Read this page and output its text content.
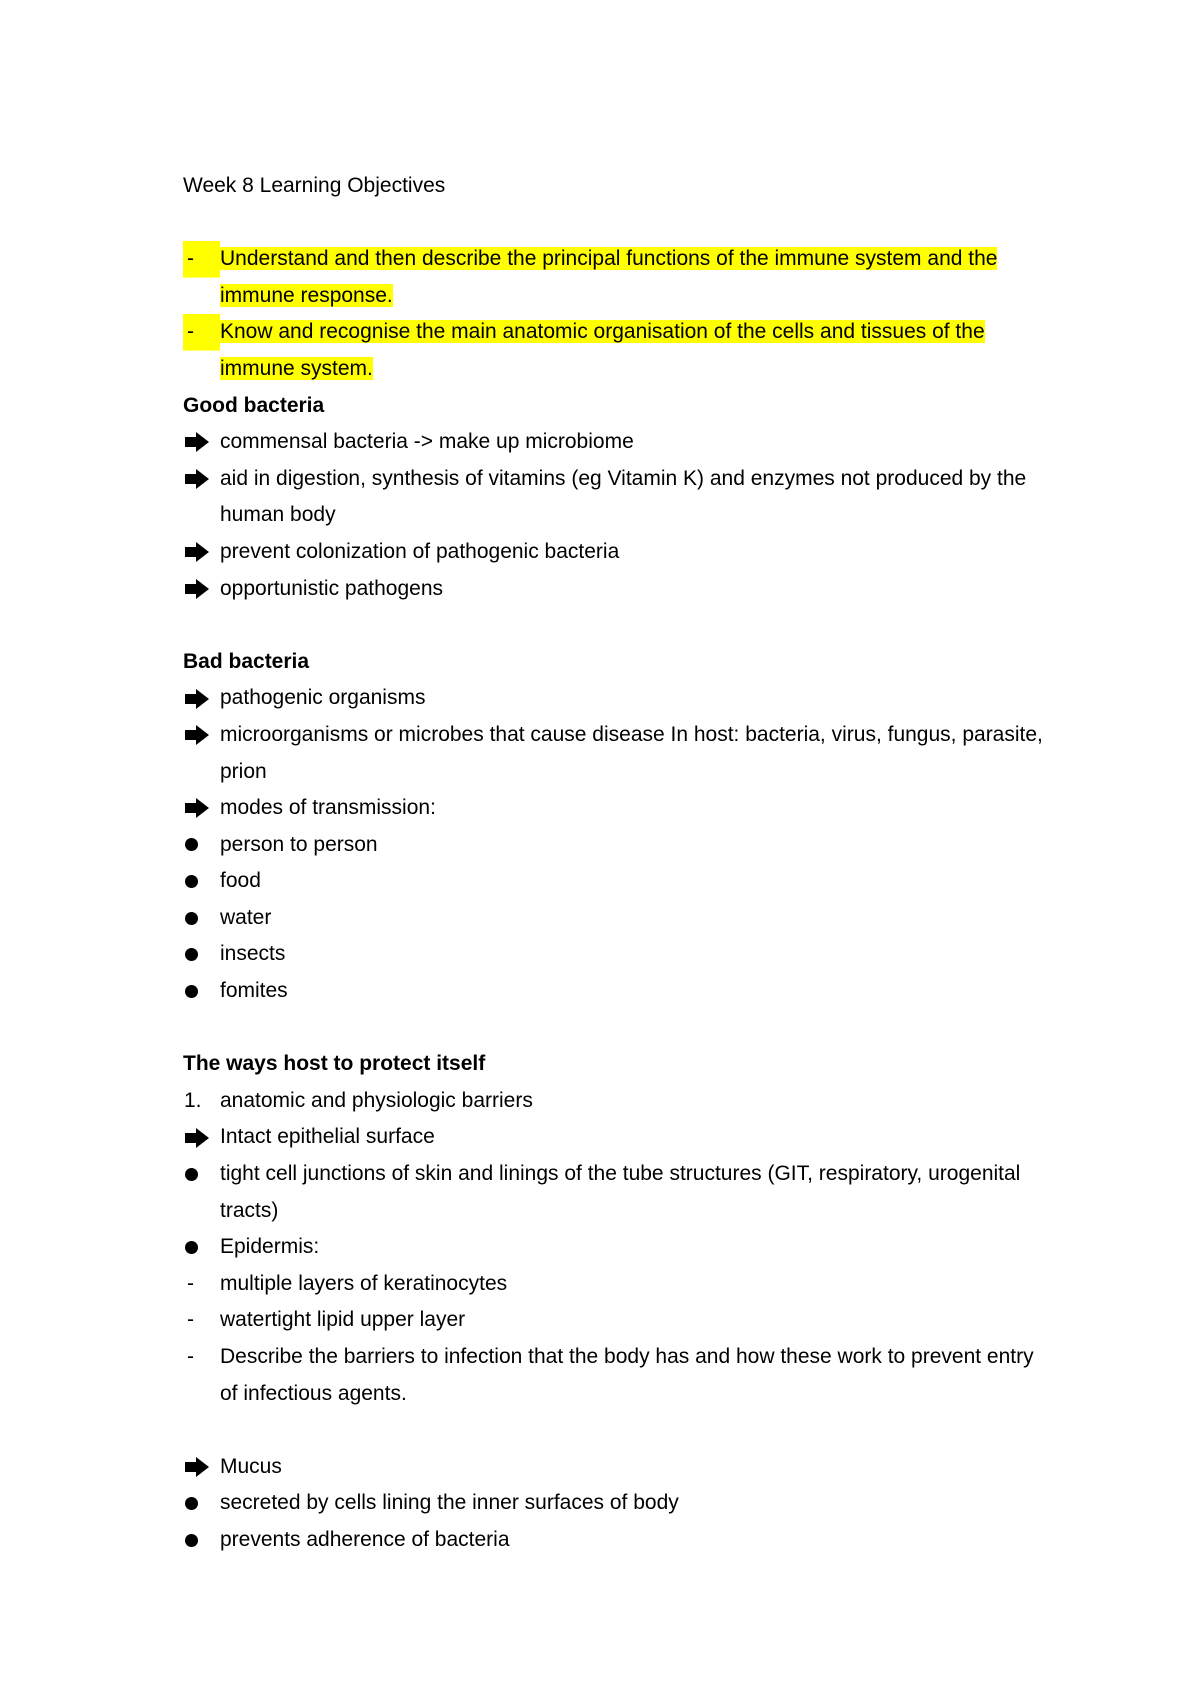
Week 8 Learning Objectives
-	Understand and then describe the principal functions of the immune system and the immune response.
-	Know and recognise the main anatomic organisation of the cells and tissues of the immune system.
Good bacteria
commensal bacteria -> make up microbiome
aid in digestion, synthesis of vitamins (eg Vitamin K) and enzymes not produced by the human body
prevent colonization of pathogenic bacteria
opportunistic pathogens
Bad bacteria
pathogenic organisms
microorganisms or microbes that cause disease In host: bacteria, virus, fungus, parasite, prion
modes of transmission:
person to person
food
water
insects
fomites
The ways host to protect itself
1. anatomic and physiologic barriers
Intact epithelial surface
tight cell junctions of skin and linings of the tube structures (GIT, respiratory, urogenital tracts)
Epidermis:
-	multiple layers of keratinocytes
-	watertight lipid upper layer
-	Describe the barriers to infection that the body has and how these work to prevent entry of infectious agents.
Mucus
secreted by cells lining the inner surfaces of body
prevents adherence of bacteria
